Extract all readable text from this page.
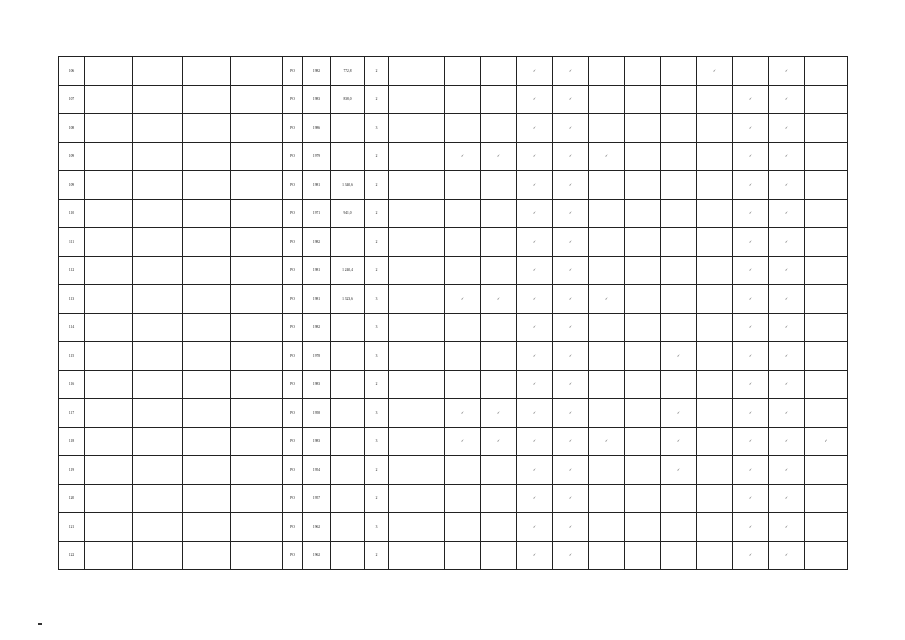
106					РО	1982	772,8	2				✓	✓				✓		✓	
107					РО	1983	838,0	2				✓	✓					✓	✓	
108					РО	1986		3				✓	✓					✓	✓	
109					РО	1979		2		✓	✓	✓	✓	✓				✓	✓	
109					РО	1981	1 340,6	2				✓	✓					✓	✓	
110					РО	1971	941,0	2				✓	✓					✓	✓	
111					РО	1982		2				✓	✓					✓	✓	
112					РО	1981	1 240,4	2				✓	✓					✓	✓	
113					РО	1981	1 323,6	3		✓	✓	✓	✓	✓				✓	✓	
114					РО	1982		3				✓	✓					✓	✓	
115					РО	1978		3				✓	✓			✓		✓	✓	
116					РО	1983		2				✓	✓					✓	✓	
117					РО	1958		3		✓	✓	✓	✓			✓		✓	✓	
118					РО	1983		3		✓	✓	✓	✓	✓		✓		✓	✓	✓
119					РО	1954		2				✓	✓			✓		✓	✓	
120					РО	1957		2				✓	✓					✓	✓	
121					РО	1962		3				✓	✓					✓	✓	
122					РО	1962		2				✓	✓					✓	✓	
